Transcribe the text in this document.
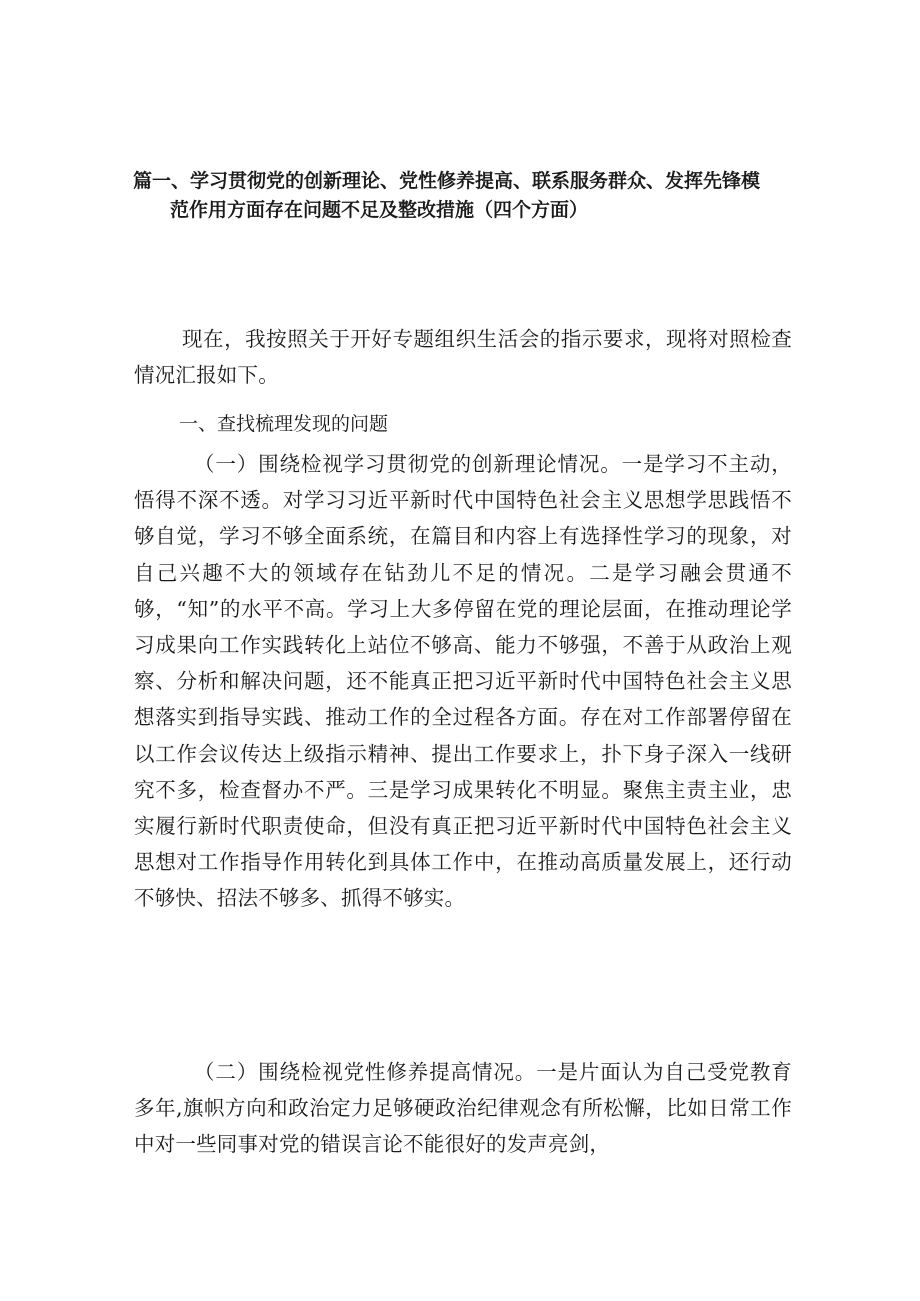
篇一、学习贯彻党的创新理论、党性修养提高、联系服务群众、发挥先锋模
范作用方面存在问题不足及整改措施（四个方面）

现在，我按照关于开好专题组织生活会的指示要求，现将对照检查情况汇报如下。

一、查找梳理发现的问题

（一）围绕检视学习贯彻党的创新理论情况。一是学习不主动，悟得不深不透。对学习习近平新时代中国特色社会主义思想学思践悟不够自觉，学习不够全面系统，在篇目和内容上有选择性学习的现象，对自己兴趣不大的领域存在钻劲儿不足的情况。二是学习融会贯通不够，“知”的水平不高。学习上大多停留在党的理论层面，在推动理论学习成果向工作实践转化上站位不够高、能力不够强，不善于从政治上观察、分析和解决问题，还不能真正把习近平新时代中国特色社会主义思想落实到指导实践、推动工作的全过程各方面。存在对工作部署停留在以工作会议传达上级指示精神、提出工作要求上，扑下身子深入一线研究不多，检查督办不严。三是学习成果转化不明显。聚焦主责主业，忠实履行新时代职责使命，但没有真正把习近平新时代中国特色社会主义思想对工作指导作用转化到具体工作中，在推动高质量发展上，还行动不够快、招法不够多、抓得不够实。

（二）围绕检视党性修养提高情况。一是片面认为自己受党教育多年,旗帜方向和政治定力足够硬政治纪律观念有所松懈，比如日常工作中对一些同事对党的错误言论不能很好的发声亮剑，
